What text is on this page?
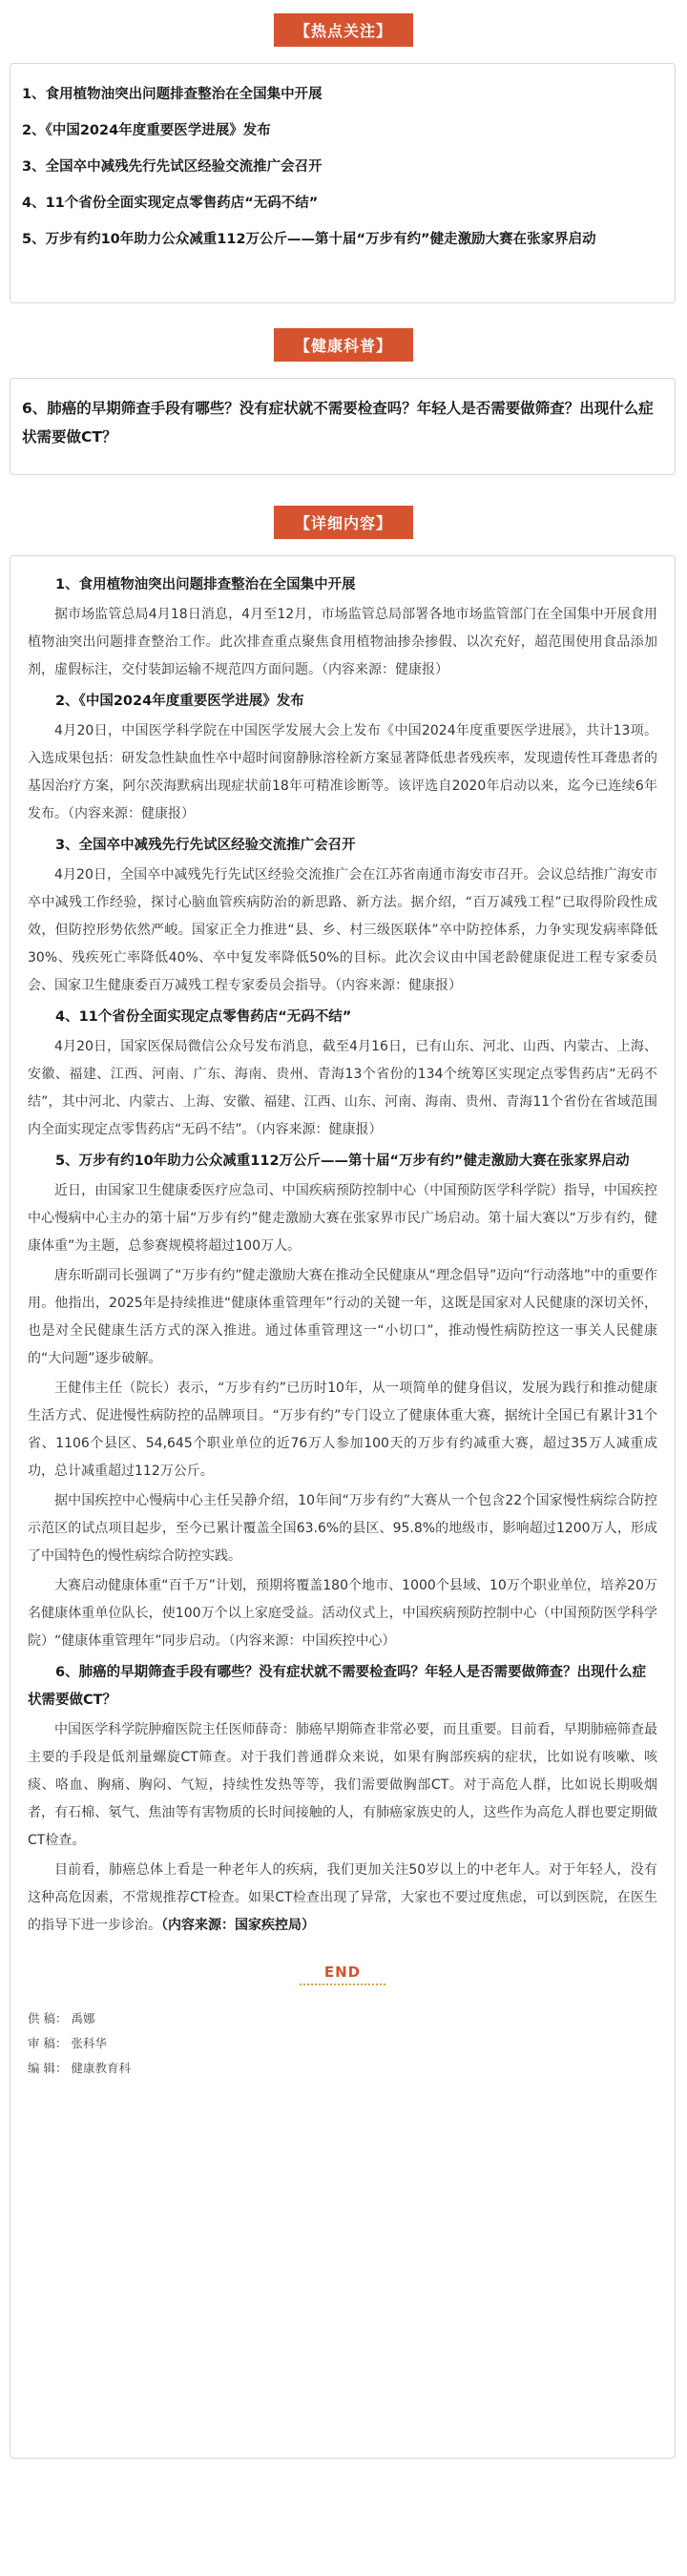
【热点关注】
1、食用植物油突出问题排查整治在全国集中开展
2、《中国2024年度重要医学进展》发布
3、全国卒中减残先行先试区经验交流推广会召开
4、11个省份全面实现定点零售药店“无码不结”
5、万步有约10年助力公众减重112万公斤——第十届“万步有约”健走激励大赛在张家界启动
【健康科普】
6、肺癌的早期筛查手段有哪些？没有症状就不需要检查吗？年轻人是否需要做筛查？出现什么症状需要做CT？
【详细内容】
1、食用植物油突出问题排查整治在全国集中开展

据市场监管总局4月18日消息，4月至12月，市场监管总局部署各地市场监管部门在全国集中开展食用植物油突出问题排查整治工作。此次排查重点聚焦食用植物油掺杂掺假、以次充好，超范围使用食品添加剂，虚假标注，交付装卸运输不规范四方面问题。（内容来源：健康报）

2、《中国2024年度重要医学进展》发布

4月20日，中国医学科学院在中国医学发展大会上发布《中国2024年度重要医学进展》，共计13项。入选成果包括：研发急性缺血性卒中超时间窗静脉溶栓新方案显著降低患者残疾率，发现遗传性耳聋患者的基因治疗方案，阿尔茨海默病出现症状前18年可精准诊断等。该评选自2020年启动以来，迄今已连续6年发布。（内容来源：健康报）

3、全国卒中减残先行先试区经验交流推广会召开

4月20日，全国卒中减残先行先试区经验交流推广会在江苏省南通市海安市召开。会议总结推广海安市卒中减残工作经验，探讨心脑血管疾病防治的新思路、新方法。据介绍，“百万减残工程”已取得阶段性成效，但防控形势依然严峻。国家正全力推进“县、乡、村三级医联体”卒中防控体系，力争实现发病率降低30%、残疾死亡率降低40%、卒中复发率降低50%的目标。此次会议由中国老龄健康促进工程专家委员会、国家卫生健康委百万减残工程专家委员会指导。（内容来源：健康报）

4、11个省份全面实现定点零售药店“无码不结”

4月20日，国家医保局微信公众号发布消息，截至4月16日，已有山东、河北、山西、内蒙古、上海、安徽、福建、江西、河南、广东、海南、贵州、青海13个省份的134个统筹区实现定点零售药店“无码不结”，其中河北、内蒙古、上海、安徽、福建、江西、山东、河南、海南、贵州、青海11个省份在省域范围内全面实现定点零售药店“无码不结”。（内容来源：健康报）

5、万步有约10年助力公众减重112万公斤——第十届“万步有约”健走激励大赛在张家界启动

近日，由国家卫生健康委医疗应急司、中国疾病预防控制中心（中国预防医学科学院）指导，中国疾控中心慢病中心主办的第十届“万步有约”健走激励大赛在张家界市民广场启动。第十届大赛以“万步有约，健康体重”为主题，总参赛规模将超过100万人。

唐东昕副司长强调了“万步有约”健走激励大赛在推动全民健康从“理念倡导”迈向“行动落地”中的重要作用。他指出，2025年是持续推进“健康体重管理年”行动的关键一年，这既是国家对人民健康的深切关怀，也是对全民健康生活方式的深入推进。通过体重管理这一“小切口”，推动慢性病防控这一事关人民健康的“大问题”逐步破解。

王健伟主任（院长）表示，“万步有约”已历时10年，从一项简单的健身倡议，发展为践行和推动健康生活方式、促进慢性病防控的品牌项目。“万步有约”专门设立了健康体重大赛，据统计全国已有累计31个省、1106个县区、54,645个职业单位的近76万人参加100天的万步有约减重大赛，超过35万人减重成功，总计减重超过112万公斤。

据中国疾控中心慢病中心主任吴静介绍，10年间“万步有约”大赛从一个包含22个国家慢性病综合防控示范区的试点项目起步，至今已累计覆盖全国63.6%的县区、95.8%的地级市，影响超过1200万人，形成了中国特色的慢性病综合防控实践。

大赛启动健康体重“百千万”计划，预期将覆盖180个地市、1000个县域、10万个职业单位，培养20万名健康体重单位队长，使100万个以上家庭受益。活动仪式上，中国疾病预防控制中心（中国预防医学科学院）“健康体重管理年”同步启动。（内容来源：中国疾控中心）

6、肺癌的早期筛查手段有哪些？没有症状就不需要检查吗？年轻人是否需要做筛查？出现什么症状需要做CT？

中国医学科学院肿瘤医院主任医师薛奇：肺癌早期筛查非常必要，而且重要。目前看，早期肺癌筛查最主要的手段是低剂量螺旋CT筛查。对于我们普通群众来说，如果有胸部疾病的症状，比如说有咳嗽、咳痰、咯血、胸痛、胸闷、气短，持续性发热等等，我们需要做胸部CT。对于高危人群，比如说长期吸烟者，有石棉、氡气、焦油等有害物质的长时间接触的人，有肺癌家族史的人，这些作为高危人群也要定期做CT检查。

目前看，肺癌总体上看是一种老年人的疾病，我们更加关注50岁以上的中老年人。对于年轻人，没有这种高危因素，不常规推荐CT检查。如果CT检查出现了异常，大家也不要过度焦虑，可以到医院，在医生的指导下进一步诊治。（内容来源：国家疾控局）

END
供 稿： 禹娜
审 稿： 张科华
编 辑： 健康教育科
